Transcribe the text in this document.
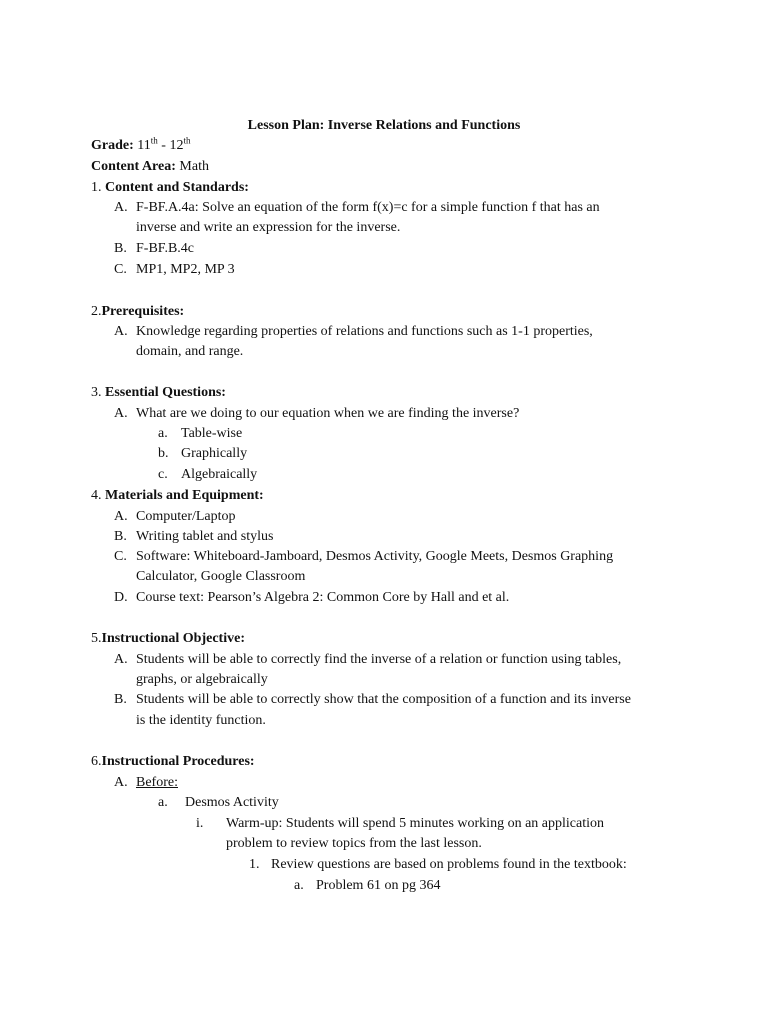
Lesson Plan: Inverse Relations and Functions
Grade: 11th - 12th
Content Area: Math
1. Content and Standards:
A. F-BF.A.4a: Solve an equation of the form f(x)=c for a simple function f that has an
inverse and write an expression for the inverse.
B. F-BF.B.4c
C. MP1, MP2, MP 3
2.Prerequisites:
A. Knowledge regarding properties of relations and functions such as 1-1 properties,
domain, and range.
3. Essential Questions:
A. What are we doing to our equation when we are finding the inverse?
a. Table-wise
b. Graphically
c. Algebraically
4. Materials and Equipment:
A. Computer/Laptop
B. Writing tablet and stylus
C. Software: Whiteboard-Jamboard, Desmos Activity, Google Meets, Desmos Graphing
Calculator, Google Classroom
D. Course text: Pearson’s Algebra 2: Common Core by Hall and et al.
5.Instructional Objective:
A. Students will be able to correctly find the inverse of a relation or function using tables,
graphs, or algebraically
B. Students will be able to correctly show that the composition of a function and its inverse
is the identity function.
6.Instructional Procedures:
A. Before:
a. Desmos Activity
i. Warm-up: Students will spend 5 minutes working on an application
problem to review topics from the last lesson.
1. Review questions are based on problems found in the textbook:
a. Problem 61 on pg 364
